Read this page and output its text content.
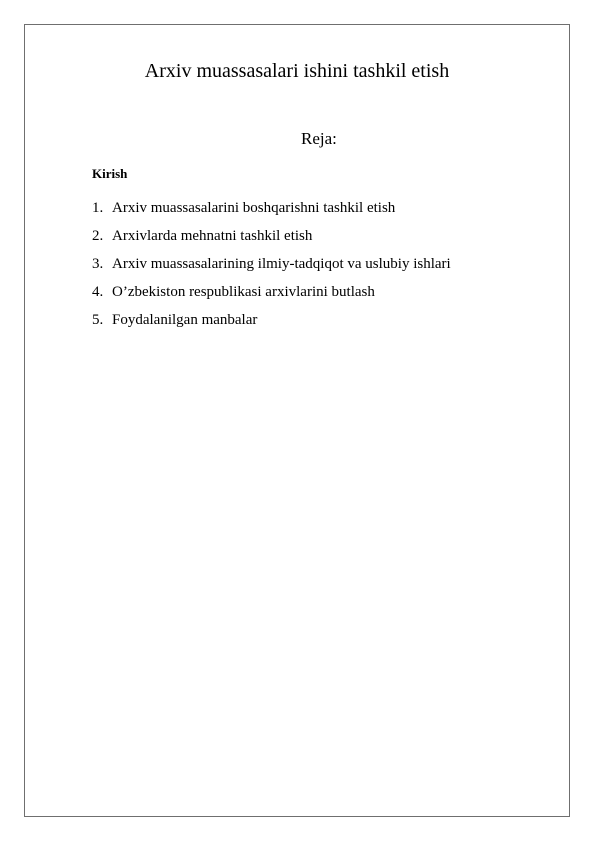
Arxiv muassasalari ishini tashkil etish
Reja:

Kirish

1. Arxiv muassasalarini boshqarishni tashkil etish
2. Arxivlarda mehnatni tashkil etish
3. Arxiv muassasalarining ilmiy-tadqiqot va uslubiy ishlari
4. O’zbekiston respublikasi arxivlarini butlash
5. Foydalanilgan manbalar
